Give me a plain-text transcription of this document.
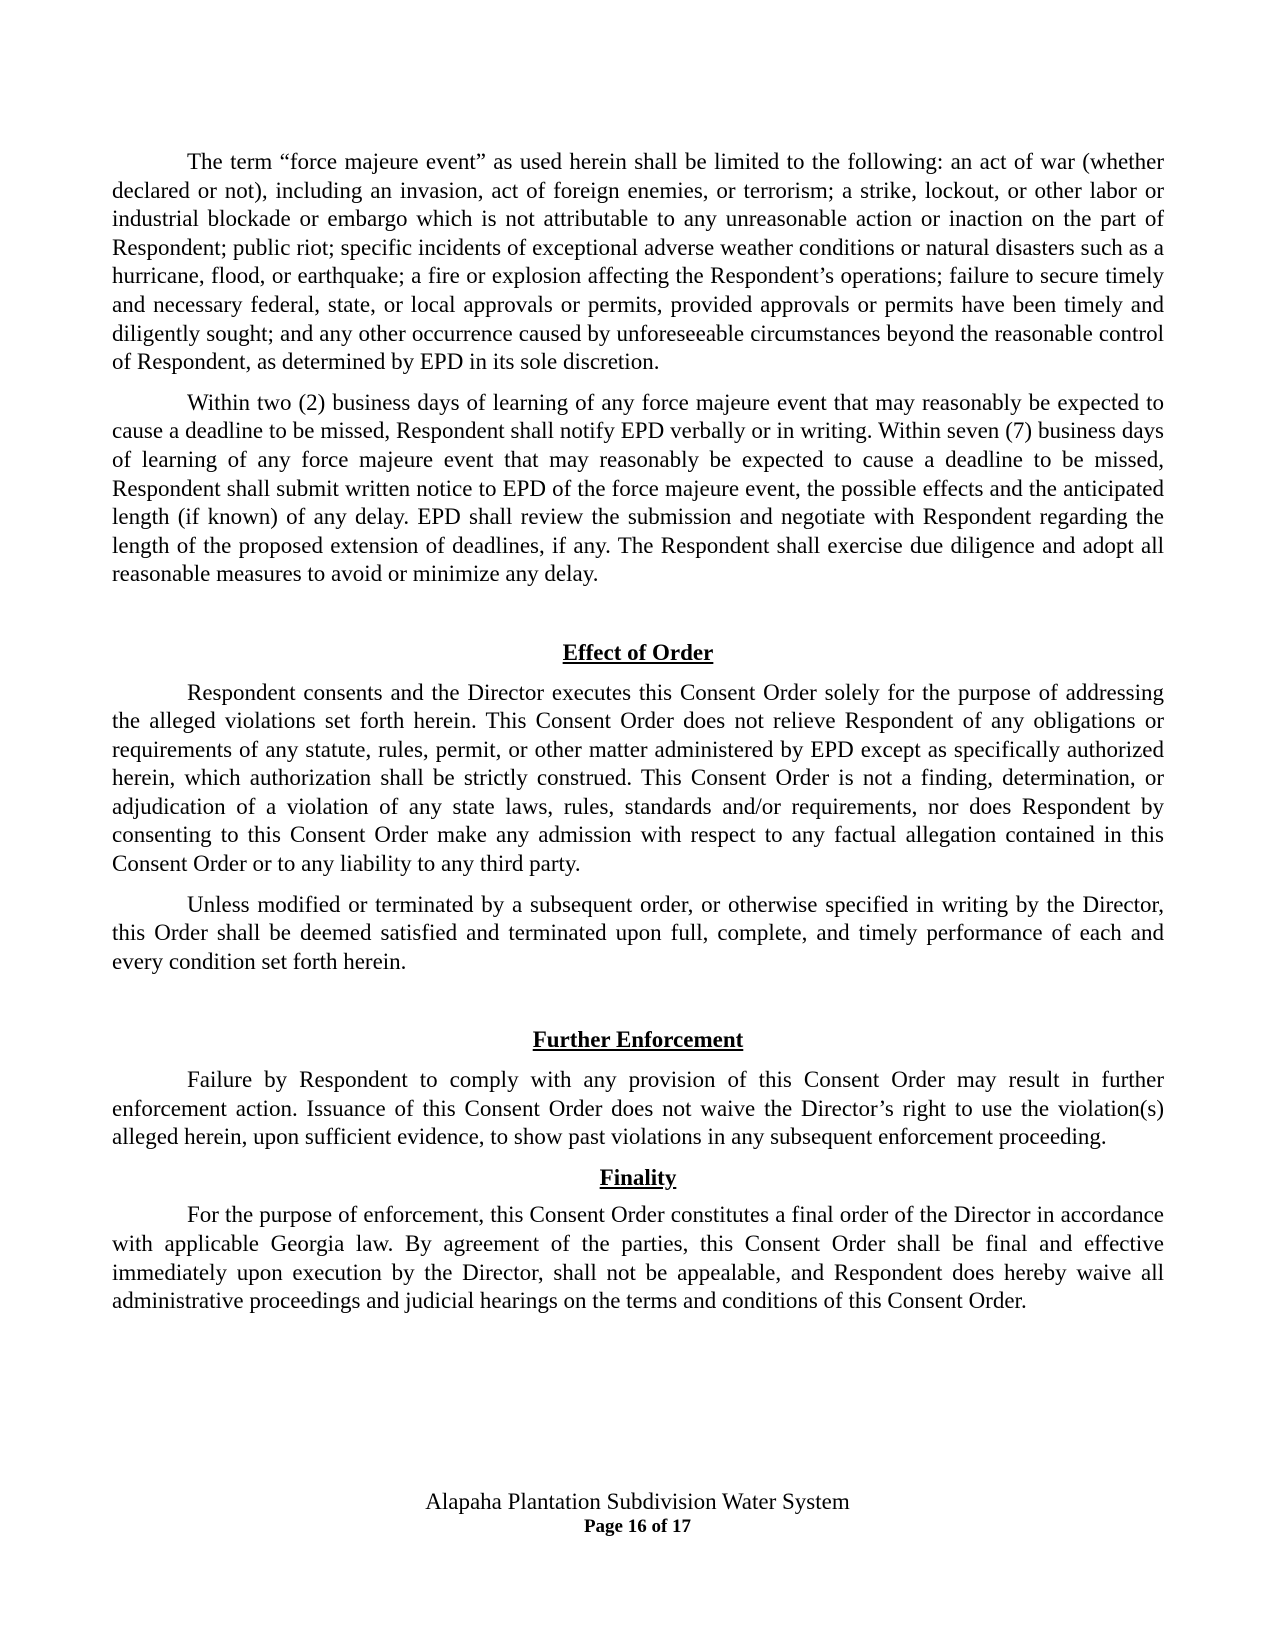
The term “force majeure event” as used herein shall be limited to the following: an act of war (whether declared or not), including an invasion, act of foreign enemies, or terrorism; a strike, lockout, or other labor or industrial blockade or embargo which is not attributable to any unreasonable action or inaction on the part of Respondent; public riot; specific incidents of exceptional adverse weather conditions or natural disasters such as a hurricane, flood, or earthquake; a fire or explosion affecting the Respondent’s operations; failure to secure timely and necessary federal, state, or local approvals or permits, provided approvals or permits have been timely and diligently sought; and any other occurrence caused by unforeseeable circumstances beyond the reasonable control of Respondent, as determined by EPD in its sole discretion.

Within two (2) business days of learning of any force majeure event that may reasonably be expected to cause a deadline to be missed, Respondent shall notify EPD verbally or in writing. Within seven (7) business days of learning of any force majeure event that may reasonably be expected to cause a deadline to be missed, Respondent shall submit written notice to EPD of the force majeure event, the possible effects and the anticipated length (if known) of any delay. EPD shall review the submission and negotiate with Respondent regarding the length of the proposed extension of deadlines, if any. The Respondent shall exercise due diligence and adopt all reasonable measures to avoid or minimize any delay.

Effect of Order

Respondent consents and the Director executes this Consent Order solely for the purpose of addressing the alleged violations set forth herein. This Consent Order does not relieve Respondent of any obligations or requirements of any statute, rules, permit, or other matter administered by EPD except as specifically authorized herein, which authorization shall be strictly construed. This Consent Order is not a finding, determination, or adjudication of a violation of any state laws, rules, standards and/or requirements, nor does Respondent by consenting to this Consent Order make any admission with respect to any factual allegation contained in this Consent Order or to any liability to any third party.

Unless modified or terminated by a subsequent order, or otherwise specified in writing by the Director, this Order shall be deemed satisfied and terminated upon full, complete, and timely performance of each and every condition set forth herein.

Further Enforcement

Failure by Respondent to comply with any provision of this Consent Order may result in further enforcement action. Issuance of this Consent Order does not waive the Director’s right to use the violation(s) alleged herein, upon sufficient evidence, to show past violations in any subsequent enforcement proceeding.

Finality

For the purpose of enforcement, this Consent Order constitutes a final order of the Director in accordance with applicable Georgia law. By agreement of the parties, this Consent Order shall be final and effective immediately upon execution by the Director, shall not be appealable, and Respondent does hereby waive all administrative proceedings and judicial hearings on the terms and conditions of this Consent Order.

Alapaha Plantation Subdivision Water System
Page 16 of 17
